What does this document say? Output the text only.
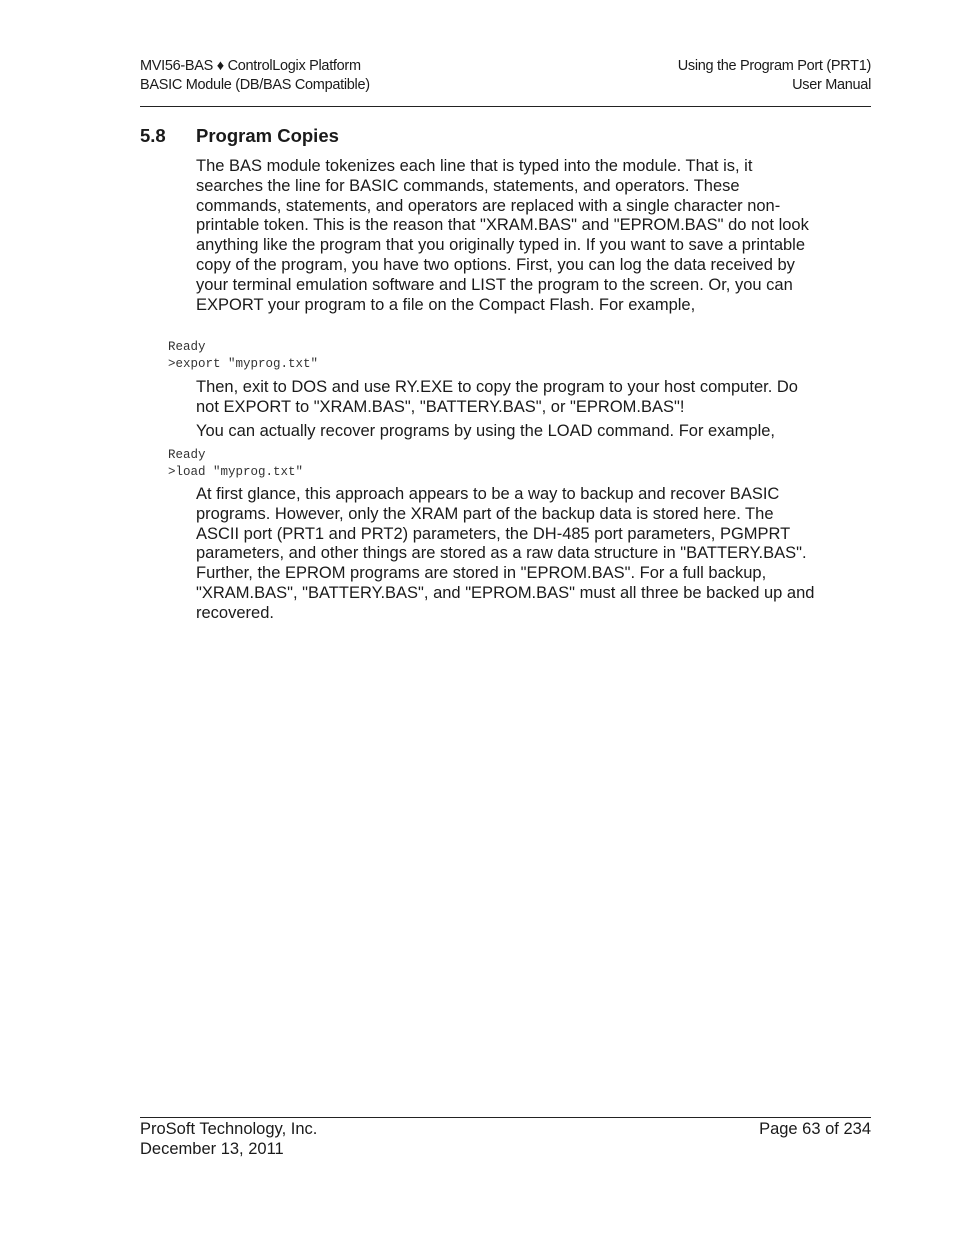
MVI56-BAS ♦ ControlLogix Platform
BASIC Module (DB/BAS Compatible)
Using the Program Port (PRT1)
User Manual
5.8 Program Copies

The BAS module tokenizes each line that is typed into the module. That is, it searches the line for BASIC commands, statements, and operators. These commands, statements, and operators are replaced with a single character non-printable token. This is the reason that "XRAM.BAS" and "EPROM.BAS" do not look anything like the program that you originally typed in. If you want to save a printable copy of the program, you have two options. First, you can log the data received by your terminal emulation software and LIST the program to the screen. Or, you can EXPORT your program to a file on the Compact Flash. For example,

Ready
>export "myprog.txt"

Then, exit to DOS and use RY.EXE to copy the program to your host computer. Do not EXPORT to "XRAM.BAS", "BATTERY.BAS", or "EPROM.BAS"!

You can actually recover programs by using the LOAD command. For example,

Ready
>load "myprog.txt"

At first glance, this approach appears to be a way to backup and recover BASIC programs. However, only the XRAM part of the backup data is stored here. The ASCII port (PRT1 and PRT2) parameters, the DH-485 port parameters, PGMPRT parameters, and other things are stored as a raw data structure in "BATTERY.BAS". Further, the EPROM programs are stored in "EPROM.BAS". For a full backup, "XRAM.BAS", "BATTERY.BAS", and "EPROM.BAS" must all three be backed up and recovered.

ProSoft Technology, Inc.
December 13, 2011
Page 63 of 234
